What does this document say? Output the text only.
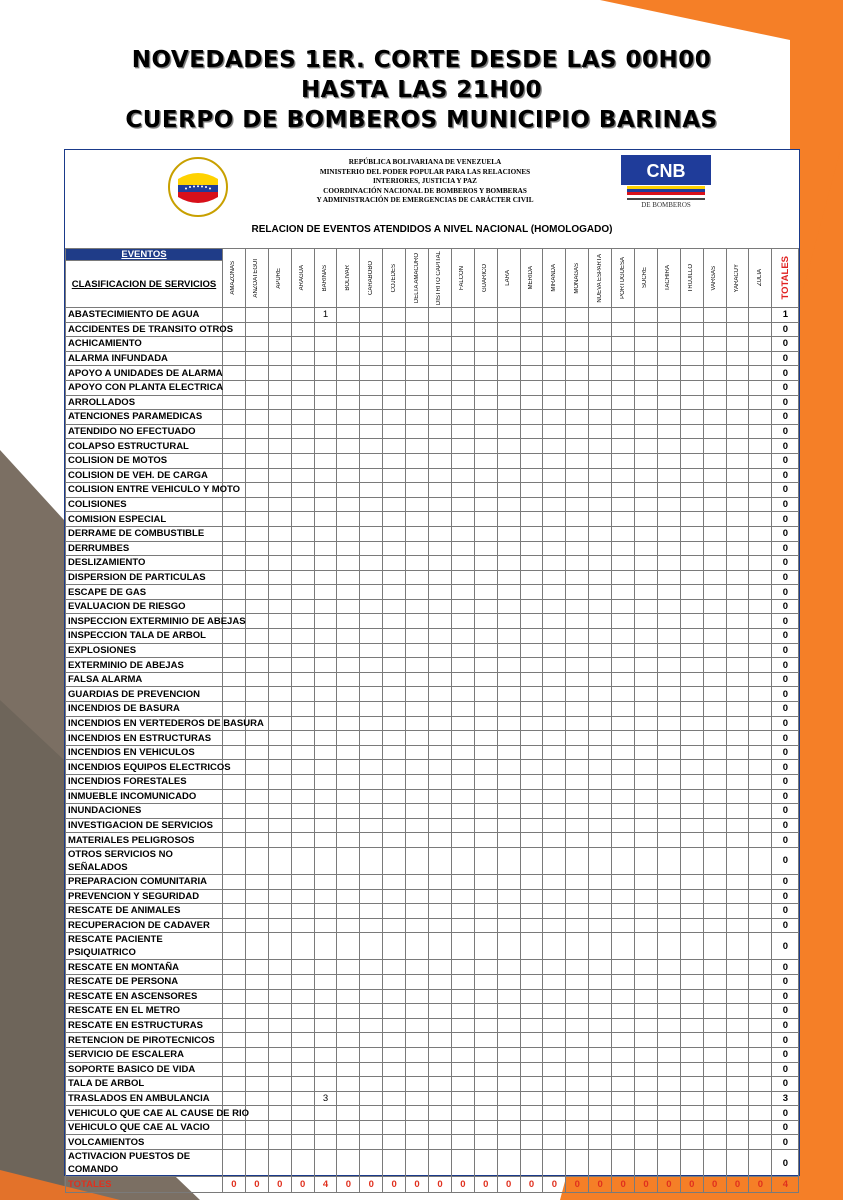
NOVEDADES 1ER. CORTE DESDE LAS 00H00
HASTA LAS 21H00
CUERPO DE BOMBEROS MUNICIPIO BARINAS
REPÚBLICA BOLIVARIANA DE VENEZUELA
MINISTERIO DEL PODER POPULAR PARA LAS RELACIONES
INTERIORES, JUSTICIA Y PAZ
COORDINACIÓN NACIONAL DE BOMBEROS Y BOMBERAS
Y ADMINISTRACIÓN DE EMERGENCIAS DE CARÁCTER CIVIL
CNB
DE BOMBEROS
RELACION DE EVENTOS ATENDIDOS A NIVEL NACIONAL (HOMOLOGADO)
EVENTOS	AMAZONAS	ANZOATEGUI	APURE	ARAGUA	BARINAS	BOLIVAR	CARABOBO	COJEDES	DELTA AMACURO	DISTRITO CAPITAL	FALCON	GUARICO	LARA	MERIDA	MIRANDA	MONAGAS	NUEVA ESPARTA	PORTUGUESA	SUCRE	TACHIRA	TRUJILLO	VARGAS	YARACUY	ZULIA	TOTALES

CLASIFICACION DE SERVICIOS																									
ABASTECIMIENTO DE AGUA					1																				1
ACCIDENTES DE TRANSITO OTROS																									0
ACHICAMIENTO																									0
ALARMA INFUNDADA																									0
APOYO A UNIDADES DE ALARMA																									0
APOYO CON PLANTA ELECTRICA																									0
ARROLLADOS																									0
ATENCIONES PARAMEDICAS																									0
ATENDIDO NO EFECTUADO																									0
COLAPSO ESTRUCTURAL																									0
COLISION DE MOTOS																									0
COLISION DE VEH. DE CARGA																									0
COLISION ENTRE VEHICULO Y MOTO																									0
COLISIONES																									0
COMISION ESPECIAL																									0
DERRAME DE COMBUSTIBLE																									0
DERRUMBES																									0
DESLIZAMIENTO																									0
DISPERSION DE PARTICULAS																									0
ESCAPE DE GAS																									0
EVALUACION DE RIESGO																									0
INSPECCION EXTERMINIO DE ABEJAS																									0
INSPECCION TALA DE ARBOL																									0
EXPLOSIONES																									0
EXTERMINIO DE ABEJAS																									0
FALSA ALARMA																									0
GUARDIAS DE PREVENCION																									0
INCENDIOS DE BASURA																									0
INCENDIOS EN VERTEDEROS DE BASURA																									0
INCENDIOS EN ESTRUCTURAS																									0
INCENDIOS EN VEHICULOS																									0
INCENDIOS EQUIPOS ELECTRICOS																									0
INCENDIOS FORESTALES																									0
INMUEBLE INCOMUNICADO																									0
INUNDACIONES																									0
INVESTIGACION DE SERVICIOS																									0
MATERIALES PELIGROSOS																									0
OTROS SERVICIOS NO SEÑALADOS																									0
PREPARACION COMUNITARIA																									0
PREVENCION Y SEGURIDAD																									0
RESCATE DE ANIMALES																									0
RECUPERACION DE CADAVER																									0
RESCATE PACIENTE PSIQUIATRICO																									0
RESCATE EN MONTAÑA																									0
RESCATE DE PERSONA																									0
RESCATE EN ASCENSORES																									0
RESCATE EN EL METRO																									0
RESCATE EN ESTRUCTURAS																									0
RETENCION DE PIROTECNICOS																									0
SERVICIO DE ESCALERA																									0
SOPORTE BASICO DE VIDA																									0
TALA DE ARBOL																									0
TRASLADOS EN AMBULANCIA					3																				3
VEHICULO QUE CAE AL CAUSE DE RIO																									0
VEHICULO QUE CAE AL VACIO																									0
VOLCAMIENTOS																									0
ACTIVACION PUESTOS DE COMANDO																									0
TOTALES	0	0	0	0	4	0	0	0	0	0	0	0	0	0	0	0	0	0	0	0	0	0	0	0	4
